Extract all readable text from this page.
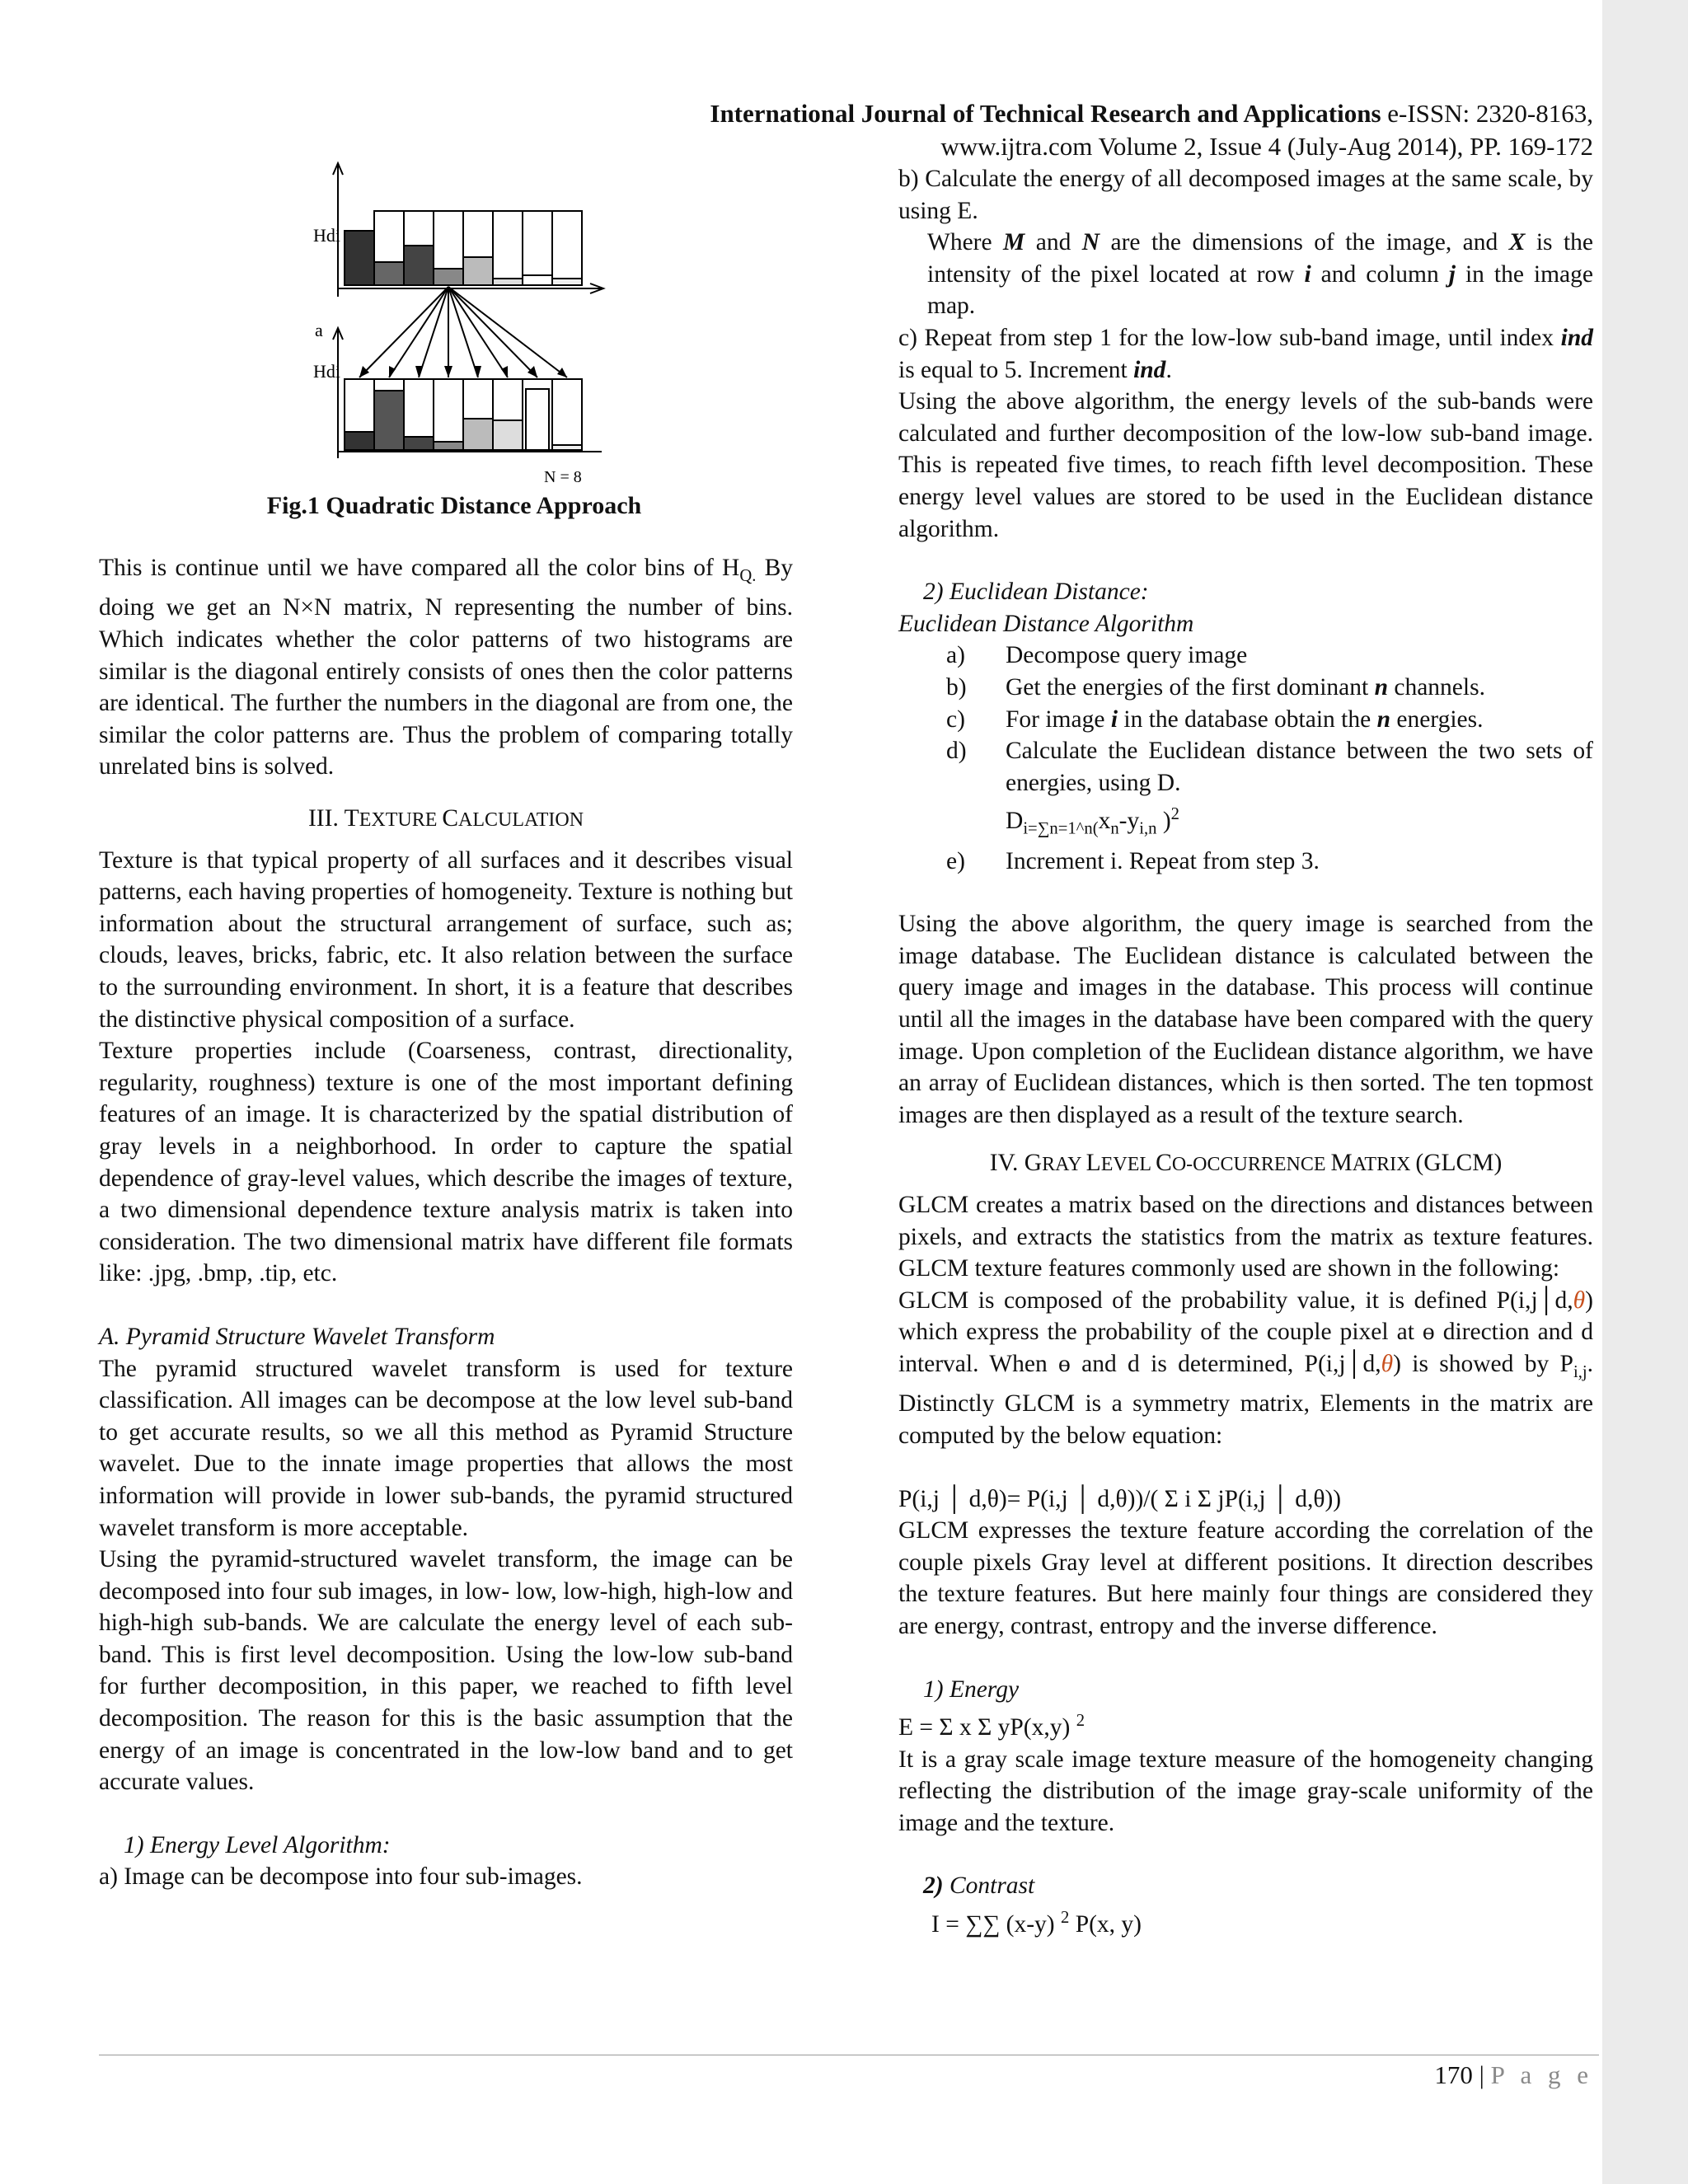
International Journal of Technical Research and Applications e-ISSN: 2320-8163,
www.ijtra.com Volume 2, Issue 4 (July-Aug 2014), PP. 169-172
Hdi
a
Hdi
N = 8
Fig.1 Quadratic Distance Approach

This is continue until we have compared all the color bins of $H_{Q.}$ By doing we get an N×N matrix, N representing the number of bins. Which indicates whether the color patterns of two histograms are similar is the diagonal entirely consists of ones then the color patterns are identical. The further the numbers in the diagonal are from one, the similar the color patterns are. Thus the problem of comparing totally unrelated bins is solved.

III. TEXTURE CALCULATION

Texture is that typical property of all surfaces and it describes visual patterns, each having properties of homogeneity. Texture is nothing but information about the structural arrangement of surface, such as; clouds, leaves, bricks, fabric, etc. It also relation between the surface to the surrounding environment. In short, it is a feature that describes the distinctive physical composition of a surface.

Texture properties include (Coarseness, contrast, directionality, regularity, roughness) texture is one of the most important defining features of an image. It is characterized by the spatial distribution of gray levels in a neighborhood. In order to capture the spatial dependence of gray-level values, which describe the images of texture, a two dimensional dependence texture analysis matrix is taken into consideration. The two dimensional matrix have different file formats like: .jpg, .bmp, .tip, etc.

A. Pyramid Structure Wavelet Transform

The pyramid structured wavelet transform is used for texture classification. All images can be decompose at the low level sub-band to get accurate results, so we all this method as Pyramid Structure wavelet. Due to the innate image properties that allows the most information will provide in lower sub-bands, the pyramid structured wavelet transform is more acceptable.

Using the pyramid-structured wavelet transform, the image can be decomposed into four sub images, in low- low, low-high, high-low and high-high sub-bands. We are calculate the energy level of each sub-band. This is first level decomposition. Using the low-low sub-band for further decomposition, in this paper, we reached to fifth level decomposition. The reason for this is the basic assumption that the energy of an image is concentrated in the low-low band and to get accurate values.

1) Energy Level Algorithm:

a) Image can be decompose into four sub-images.

b) Calculate the energy of all decomposed images at the same scale, by using E.

Where M and N are the dimensions of the image, and X is the intensity of the pixel located at row i and column j in the image map.

c) Repeat from step 1 for the low-low sub-band image, until index ind is equal to 5. Increment ind.

Using the above algorithm, the energy levels of the sub-bands were calculated and further decomposition of the low-low sub-band image. This is repeated five times, to reach fifth level decomposition. These energy level values are stored to be used in the Euclidean distance algorithm.

2) Euclidean Distance:

Euclidean Distance Algorithm

a)	Decompose query image
b)	Get the energies of the first dominant n channels.
c)	For image i in the database obtain the n energies.
d)	Calculate the Euclidean distance between the two sets of energies, using D.
$D_{i=\sum n=1\^{}n(}x_n-y_{i,n}$ )$^2$
e)	Increment i. Repeat from step 3.

Using the above algorithm, the query image is searched from the image database. The Euclidean distance is calculated between the query image and images in the database. This process will continue until all the images in the database have been compared with the query image. Upon completion of the Euclidean distance algorithm, we have an array of Euclidean distances, which is then sorted. The ten topmost images are then displayed as a result of the texture search.

IV. GRAY LEVEL CO-OCCURRENCE MATRIX (GLCM)

GLCM creates a matrix based on the directions and distances between pixels, and extracts the statistics from the matrix as texture features. GLCM texture features commonly used are shown in the following:

GLCM is composed of the probability value, it is defined P(i,j│d,θ) which express the probability of the couple pixel at ɵ direction and d interval. When ɵ and d is determined, P(i,j│d,θ) is showed by $P_{i,j}$. Distinctly GLCM is a symmetry matrix, Elements in the matrix are computed by the below equation:

P(i,j │ d,θ)= P(i,j │ d,θ))/( Σ i Σ jP(i,j │ d,θ))

GLCM expresses the texture feature according the correlation of the couple pixels Gray level at different positions. It direction describes the texture features. But here mainly four things are considered they are energy, contrast, entropy and the inverse difference.

1) Energy

E = Σ x Σ yP(x,y) $^2$

It is a gray scale image texture measure of the homogeneity changing reflecting the distribution of the image gray-scale uniformity of the image and the texture.

2) Contrast

I = ∑∑ (x-y) $^2$ P(x, y)

170 | P a g e
